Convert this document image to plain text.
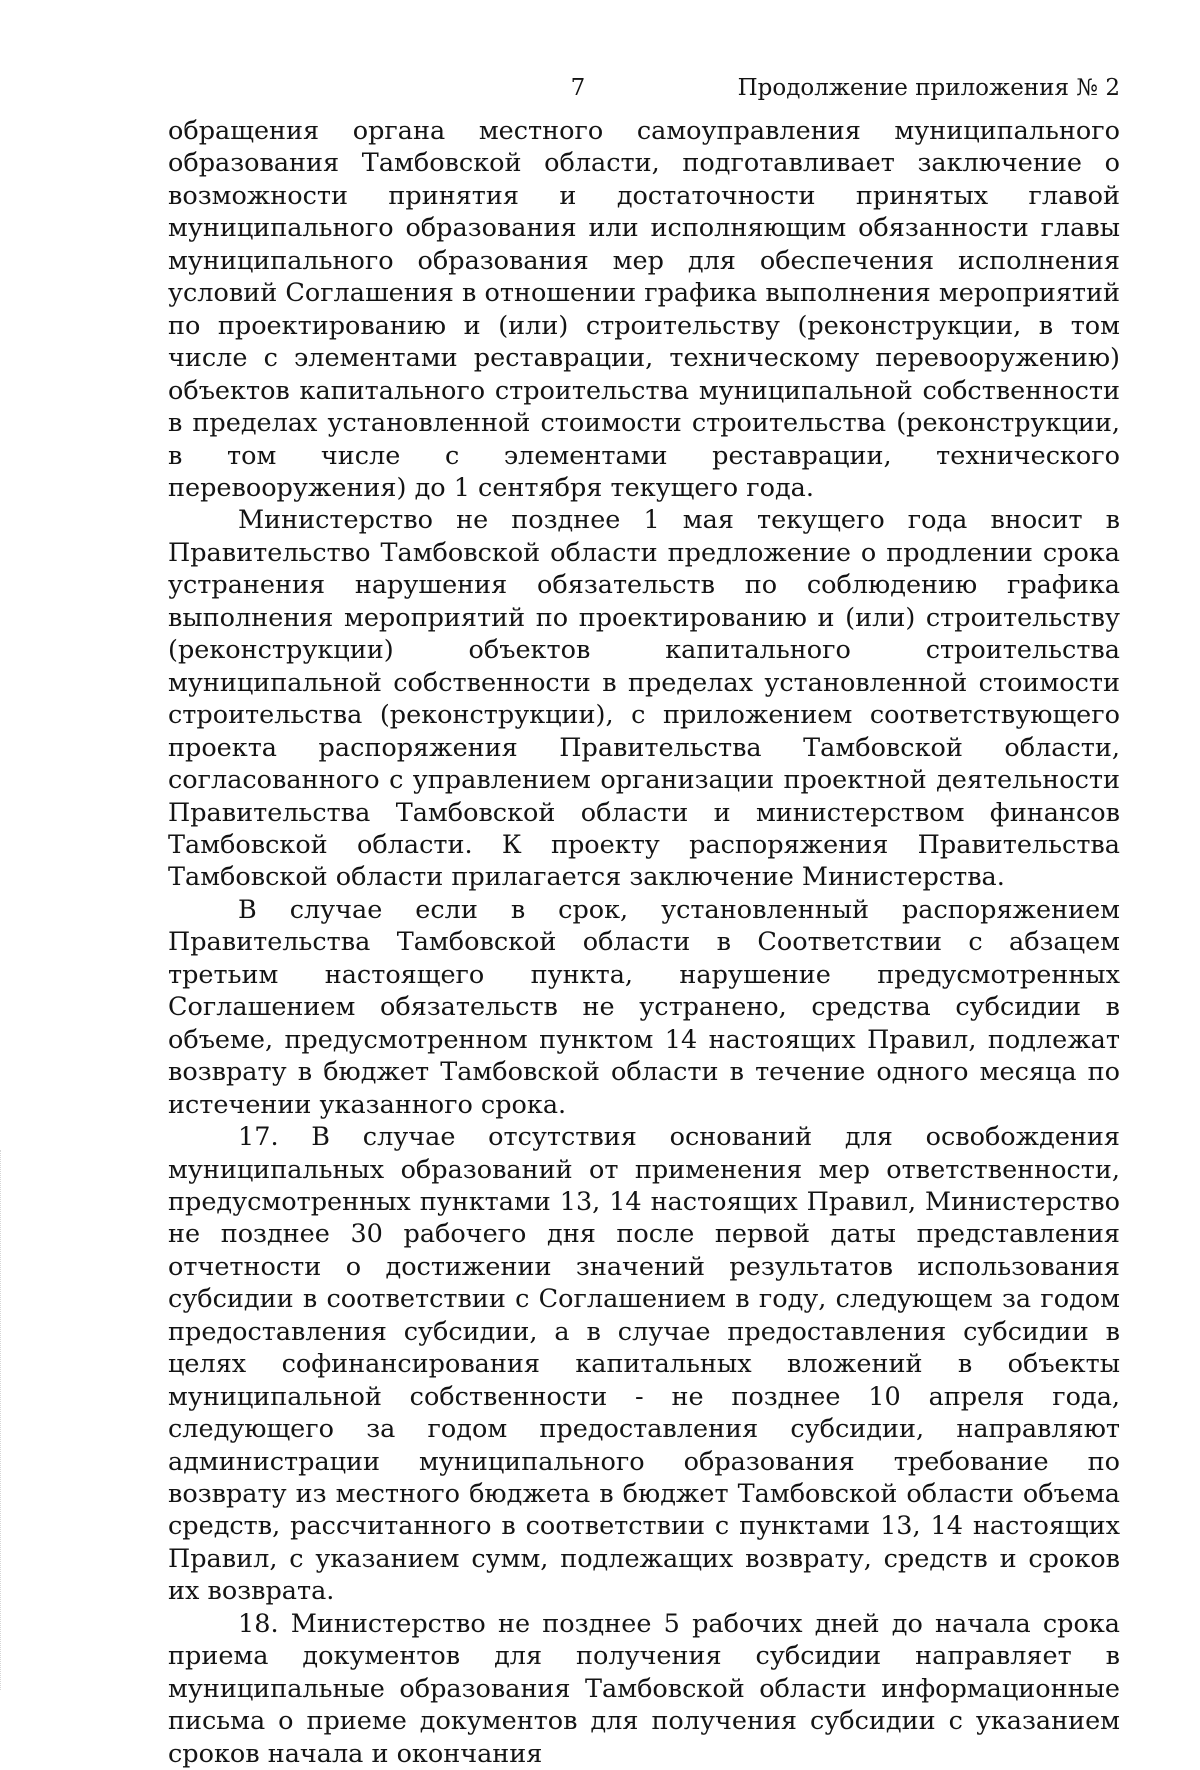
7	Продолжение приложения № 2

обращения органа местного самоуправления муниципального образования Тамбовской области, подготавливает заключение о возможности принятия и достаточности принятых главой муниципального образования или исполняющим обязанности главы муниципального образования мер для обеспечения исполнения условий Соглашения в отношении графика выполнения мероприятий по проектированию и (или) строительству (реконструкции, в том числе с элементами реставрации, техническому перевооружению) объектов капитального строительства муниципальной собственности в пределах установленной стоимости строительства (реконструкции, в том числе с элементами реставрации, технического перевооружения) до 1 сентября текущего года.

Министерство не позднее 1 мая текущего года вносит в Правительство Тамбовской области предложение о продлении срока устранения нарушения обязательств по соблюдению графика выполнения мероприятий по проектированию и (или) строительству (реконструкции) объектов капитального строительства муниципальной собственности в пределах установленной стоимости строительства (реконструкции), с приложением соответствующего проекта распоряжения Правительства Тамбовской области, согласованного с управлением организации проектной деятельности Правительства Тамбовской области и министерством финансов Тамбовской области. К проекту распоряжения Правительства Тамбовской области прилагается заключение Министерства.

В случае если в срок, установленный распоряжением Правительства Тамбовской области в Соответствии с абзацем третьим настоящего пункта, нарушение предусмотренных Соглашением обязательств не устранено, средства субсидии в объеме, предусмотренном пунктом 14 настоящих Правил, подлежат возврату в бюджет Тамбовской области в течение одного месяца по истечении указанного срока.

17. В случае отсутствия оснований для освобождения муниципальных образований от применения мер ответственности, предусмотренных пунктами 13, 14 настоящих Правил, Министерство не позднее 30 рабочего дня после первой даты представления отчетности о достижении значений результатов использования субсидии в соответствии с Соглашением в году, следующем за годом предоставления субсидии, а в случае предоставления субсидии в целях софинансирования капитальных вложений в объекты муниципальной собственности - не позднее 10 апреля года, следующего за годом предоставления субсидии, направляют администрации муниципального образования требование по возврату из местного бюджета в бюджет Тамбовской области объема средств, рассчитанного в соответствии с пунктами 13, 14 настоящих Правил, с указанием сумм, подлежащих возврату, средств и сроков их возврата.

18. Министерство не позднее 5 рабочих дней до начала срока приема документов для получения субсидии направляет в муниципальные образования Тамбовской области информационные письма о приеме документов для получения субсидии с указанием сроков начала и окончания
